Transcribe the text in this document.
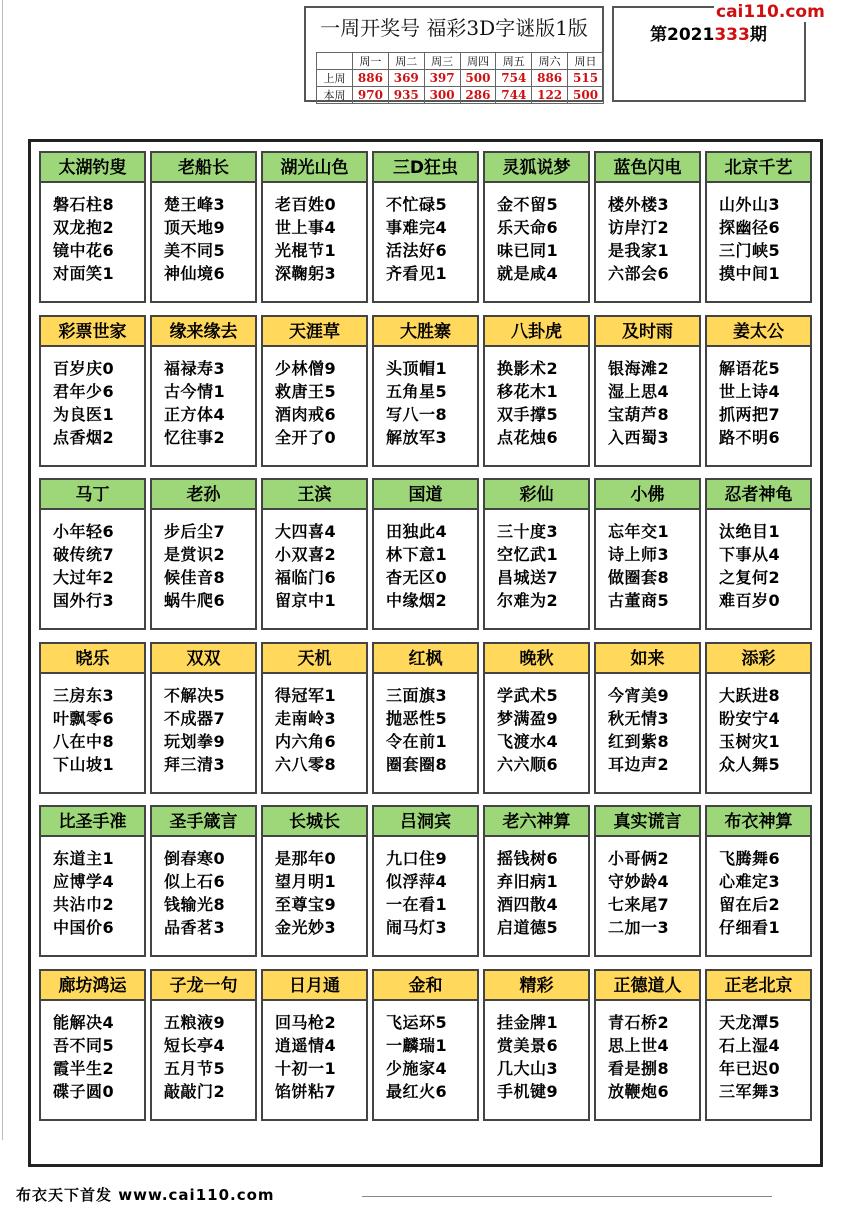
一周开奖号 福彩3D字谜版1版
	周一	周二	周三	周四	周五	周六	周日
上周	886	369	397	500	754	886	515
本周	970	935	300	286	744	122	500
第2021333期
cai110.com
太湖钓叟
磐石柱8
双龙抱2
镜中花6
对面笑1
老船长
楚王峰3
顶天地9
美不同5
神仙境6
湖光山色
老百姓0
世上事4
光棍节1
深鞠躬3
三D狂虫
不忙碌5
事难完4
活法好6
齐看见1
灵狐说梦
金不留5
乐天命6
味已同1
就是咸4
蓝色闪电
楼外楼3
访岸汀2
是我家1
六部会6
北京千艺
山外山3
探幽径6
三门峡5
摸中间1
彩票世家
百岁庆0
君年少6
为良医1
点香烟2
缘来缘去
福禄寿3
古今情1
正方体4
忆往事2
天涯草
少林僧9
救唐王5
酒肉戒6
全开了0
大胜寨
头顶帽1
五角星5
写八一8
解放军3
八卦虎
换影术2
移花木1
双手撑5
点花烛6
及时雨
银海滩2
湿上思4
宝葫芦8
入西蜀3
姜太公
解语花5
世上诗4
抓两把7
路不明6
马丁
小年轻6
破传统7
大过年2
国外行3
老孙
步后尘7
是赏识2
候佳音8
蜗牛爬6
王滨
大四喜4
小双喜2
福临门6
留京中1
国道
田独此4
林下意1
杳无区0
中缘烟2
彩仙
三十度3
空忆武1
昌城送7
尔难为2
小佛
忘年交1
诗上师3
做圈套8
古董商5
忍者神龟
汰绝目1
下事从4
之复何2
难百岁0
晓乐
三房东3
叶飘零6
八在中8
下山坡1
双双
不解决5
不成器7
玩划拳9
拜三清3
天机
得冠军1
走南岭3
内六角6
六八零8
红枫
三面旗3
抛恶性5
令在前1
圈套圈8
晚秋
学武术5
梦满盈9
飞渡水4
六六顺6
如来
今宵美9
秋无情3
红到紫8
耳边声2
添彩
大跃进8
盼安宁4
玉树灾1
众人舞5
比圣手准
东道主1
应博学4
共沾巾2
中国价6
圣手箴言
倒春寒0
似上石6
钱输光8
品香茗3
长城长
是那年0
望月明1
至尊宝9
金光妙3
吕洞宾
九口住9
似浮萍4
一在看1
闹马灯3
老六神算
摇钱树6
弃旧病1
酒四散4
启道德5
真实谎言
小哥俩2
守妙龄4
七来尾7
二加一3
布衣神算
飞腾舞6
心难定3
留在后2
仔细看1
廊坊鸿运
能解决4
吾不同5
霞半生2
碟子圆0
子龙一句
五粮液9
短长亭4
五月节5
敲敲门2
日月通
回马枪2
逍遥情4
十初一1
馅饼粘7
金和
飞运环5
一麟瑞1
少施家4
最红火6
精彩
挂金牌1
赏美景6
几大山3
手机键9
正德道人
青石桥2
思上世4
看是捌8
放鞭炮6
正老北京
天龙潭5
石上湿4
年已迟0
三军舞3
布衣天下首发 www.cai110.com
